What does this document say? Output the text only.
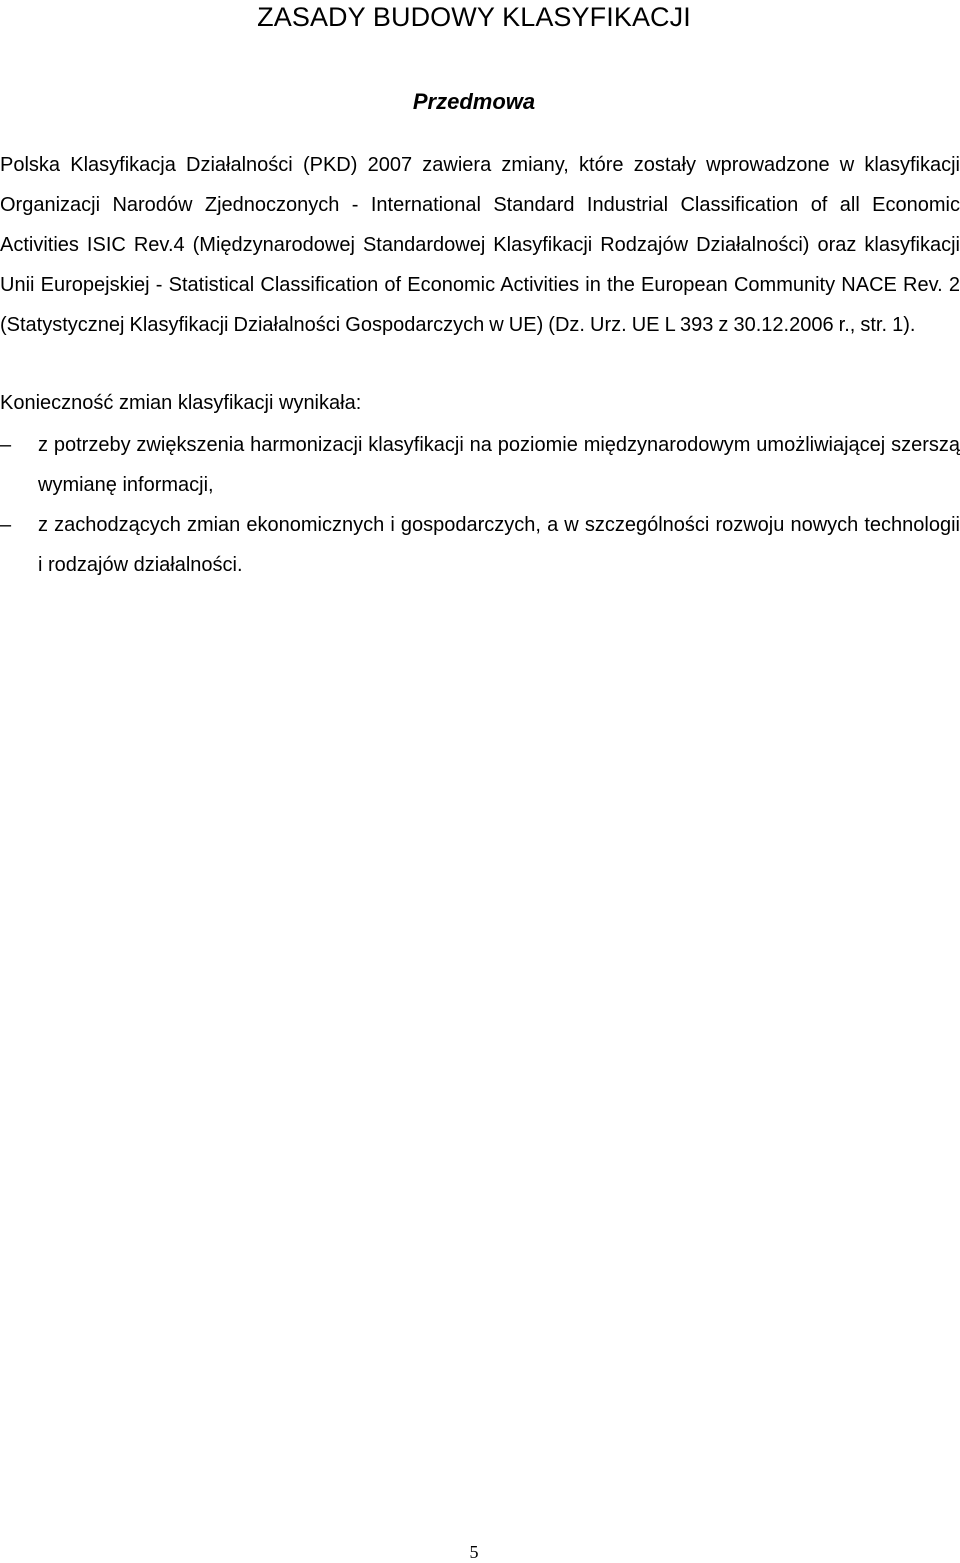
ZASADY BUDOWY KLASYFIKACJI
Przedmowa

Polska Klasyfikacja Działalności (PKD) 2007 zawiera zmiany, które zostały wprowadzone w klasyfikacji Organizacji Narodów Zjednoczonych - International Standard Industrial Classification of all Economic Activities ISIC Rev.4 (Międzynarodowej Standardowej Klasyfikacji Rodzajów Działalności) oraz klasyfikacji Unii Europejskiej - Statistical Classification of Economic Activities in the European Community NACE Rev. 2 (Statystycznej Klasyfikacji Działalności Gospodarczych w UE) (Dz. Urz. UE L 393 z 30.12.2006 r., str. 1).

Konieczność zmian klasyfikacji wynikała:

– z potrzeby zwiększenia harmonizacji klasyfikacji na poziomie międzynarodowym umożliwiającej szerszą wymianę informacji,
– z zachodzących zmian ekonomicznych i gospodarczych, a w szczególności rozwoju nowych technologii i rodzajów działalności.
5
